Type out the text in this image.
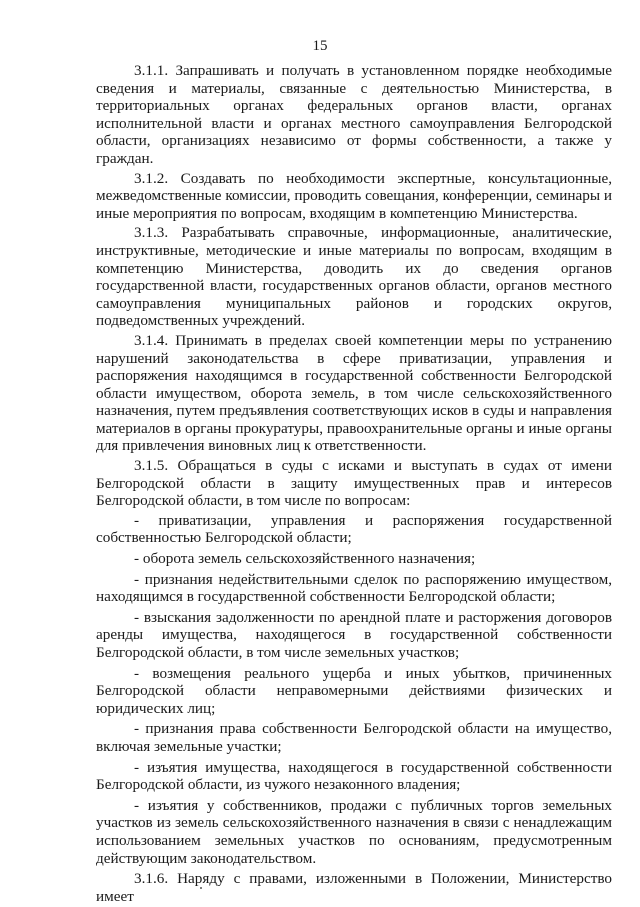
15

3.1.1. Запрашивать и получать в установленном порядке необходимые сведения и материалы, связанные с деятельностью Министерства, в территориальных органах федеральных органов власти, органах исполнительной власти и органах местного самоуправления Белгородской области, организациях независимо от формы собственности, а также у граждан.

3.1.2. Создавать по необходимости экспертные, консультационные, межведомственные комиссии, проводить совещания, конференции, семинары и иные мероприятия по вопросам, входящим в компетенцию Министерства.

3.1.3. Разрабатывать справочные, информационные, аналитические, инструктивные, методические и иные материалы по вопросам, входящим в компетенцию Министерства, доводить их до сведения органов государственной власти, государственных органов области, органов местного самоуправления муниципальных районов и городских округов, подведомственных учреждений.

3.1.4. Принимать в пределах своей компетенции меры по устранению нарушений законодательства в сфере приватизации, управления и распоряжения находящимся в государственной собственности Белгородской области имуществом, оборота земель, в том числе сельскохозяйственного назначения, путем предъявления соответствующих исков в суды и направления материалов в органы прокуратуры, правоохранительные органы и иные органы для привлечения виновных лиц к ответственности.

3.1.5. Обращаться в суды с исками и выступать в судах от имени Белгородской области в защиту имущественных прав и интересов Белгородской области, в том числе по вопросам:

- приватизации, управления и распоряжения государственной собственностью Белгородской области;

- оборота земель сельскохозяйственного назначения;

- признания недействительными сделок по распоряжению имуществом, находящимся в государственной собственности Белгородской области;

- взыскания задолженности по арендной плате и расторжения договоров аренды имущества, находящегося в государственной собственности Белгородской области, в том числе земельных участков;

- возмещения реального ущерба и иных убытков, причиненных Белгородской области неправомерными действиями физических и юридических лиц;

- признания права собственности Белгородской области на имущество, включая земельные участки;

- изъятия имущества, находящегося в государственной собственности Белгородской области, из чужого незаконного владения;

- изъятия у собственников, продажи с публичных торгов земельных участков из земель сельскохозяйственного назначения в связи с ненадлежащим использованием земельных участков по основаниям, предусмотренным действующим законодательством.

3.1.6. Наряду с правами, изложенными в Положении, Министерство имеет
